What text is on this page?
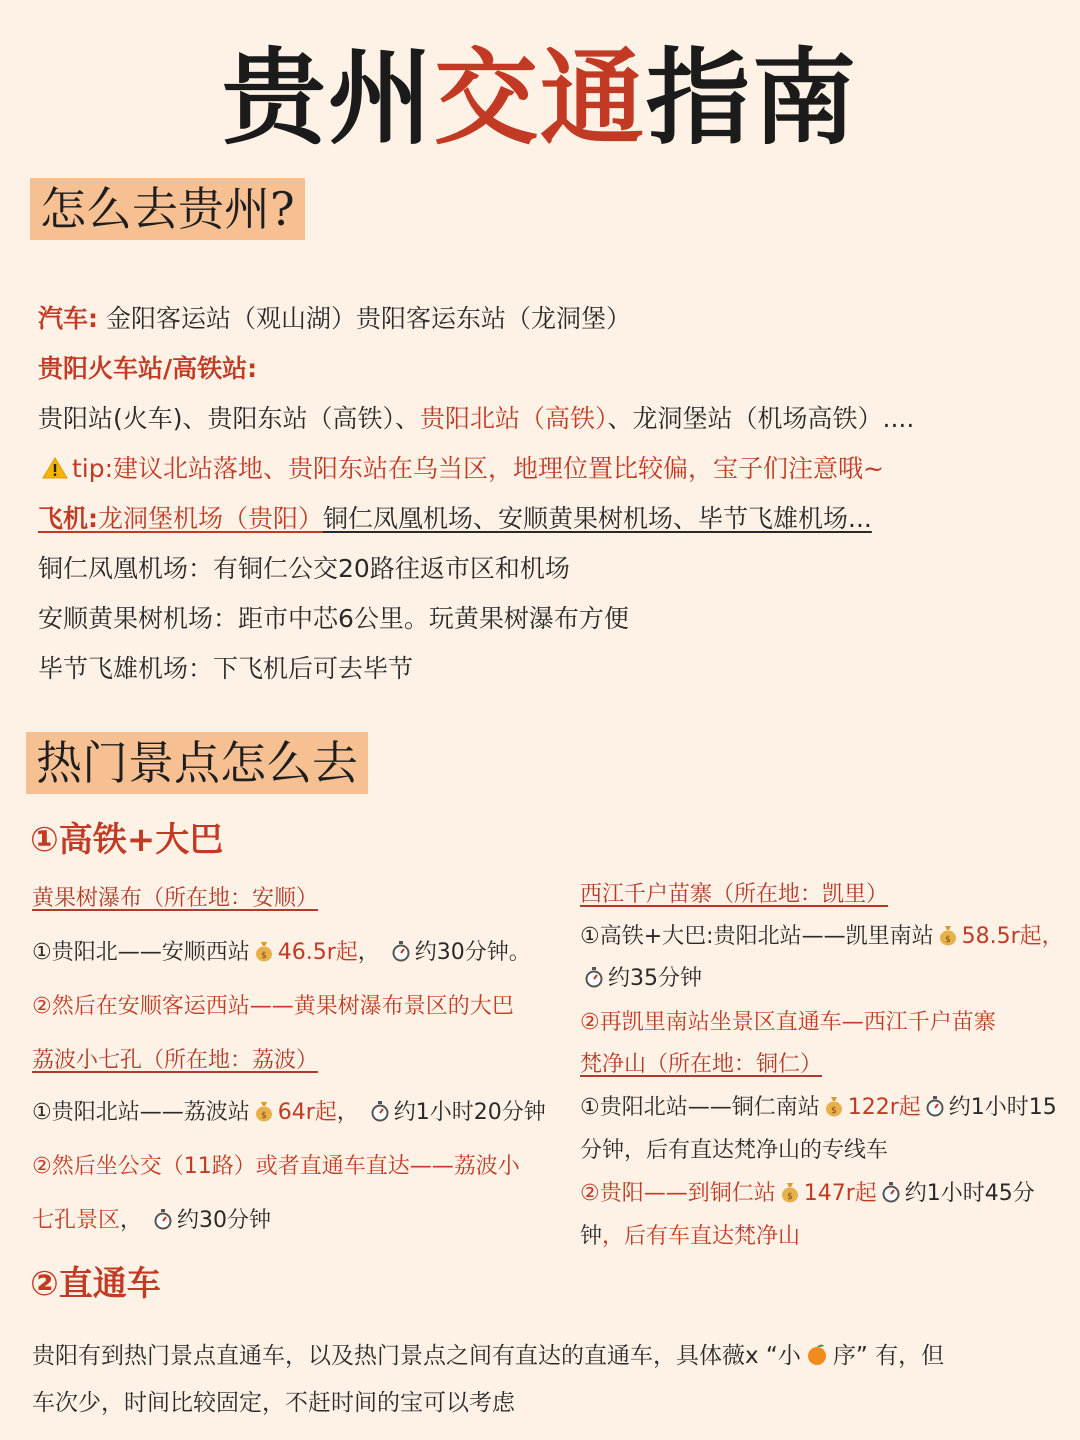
贵州交通指南
怎么去贵州?
汽车: 金阳客运站（观山湖）贵阳客运东站（龙洞堡）
贵阳火车站/高铁站:
贵阳站(火车)、贵阳东站（高铁）、贵阳北站（高铁）、龙洞堡站（机场高铁）....
tip:建议北站落地、贵阳东站在乌当区，地理位置比较偏，宝子们注意哦~
飞机:龙洞堡机场（贵阳）铜仁凤凰机场、安顺黄果树机场、毕节飞雄机场...
铜仁凤凰机场：有铜仁公交20路往返市区和机场
安顺黄果树机场：距市中芯6公里。玩黄果树瀑布方便
毕节飞雄机场：下飞机后可去毕节
热门景点怎么去
①高铁+大巴
黄果树瀑布（所在地：安顺）
①贵阳北——安顺西站 $ 46.5r起， 约30分钟。
②然后在安顺客运西站——黄果树瀑布景区的大巴
荔波小七孔（所在地：荔波）
①贵阳北站——荔波站 $ 64r起， 约1小时20分钟
②然后坐公交（11路）或者直通车直达——荔波小
七孔景区， 约30分钟
西江千户苗寨（所在地：凯里）
①高铁+大巴:贵阳北站——凯里南站 $ 58.5r起，
约35分钟
②再凯里南站坐景区直通车—西江千户苗寨
梵净山（所在地：铜仁）
①贵阳北站——铜仁南站 $ 122r起 约1小时15
分钟，后有直达梵净山的专线车
②贵阳——到铜仁站 $ 147r起 约1小时45分
钟，后有车直达梵净山
②直通车
贵阳有到热门景点直通车，以及热门景点之间有直达的直通车，具体薇x “小 序” 有，但
车次少，时间比较固定，不赶时间的宝可以考虑
